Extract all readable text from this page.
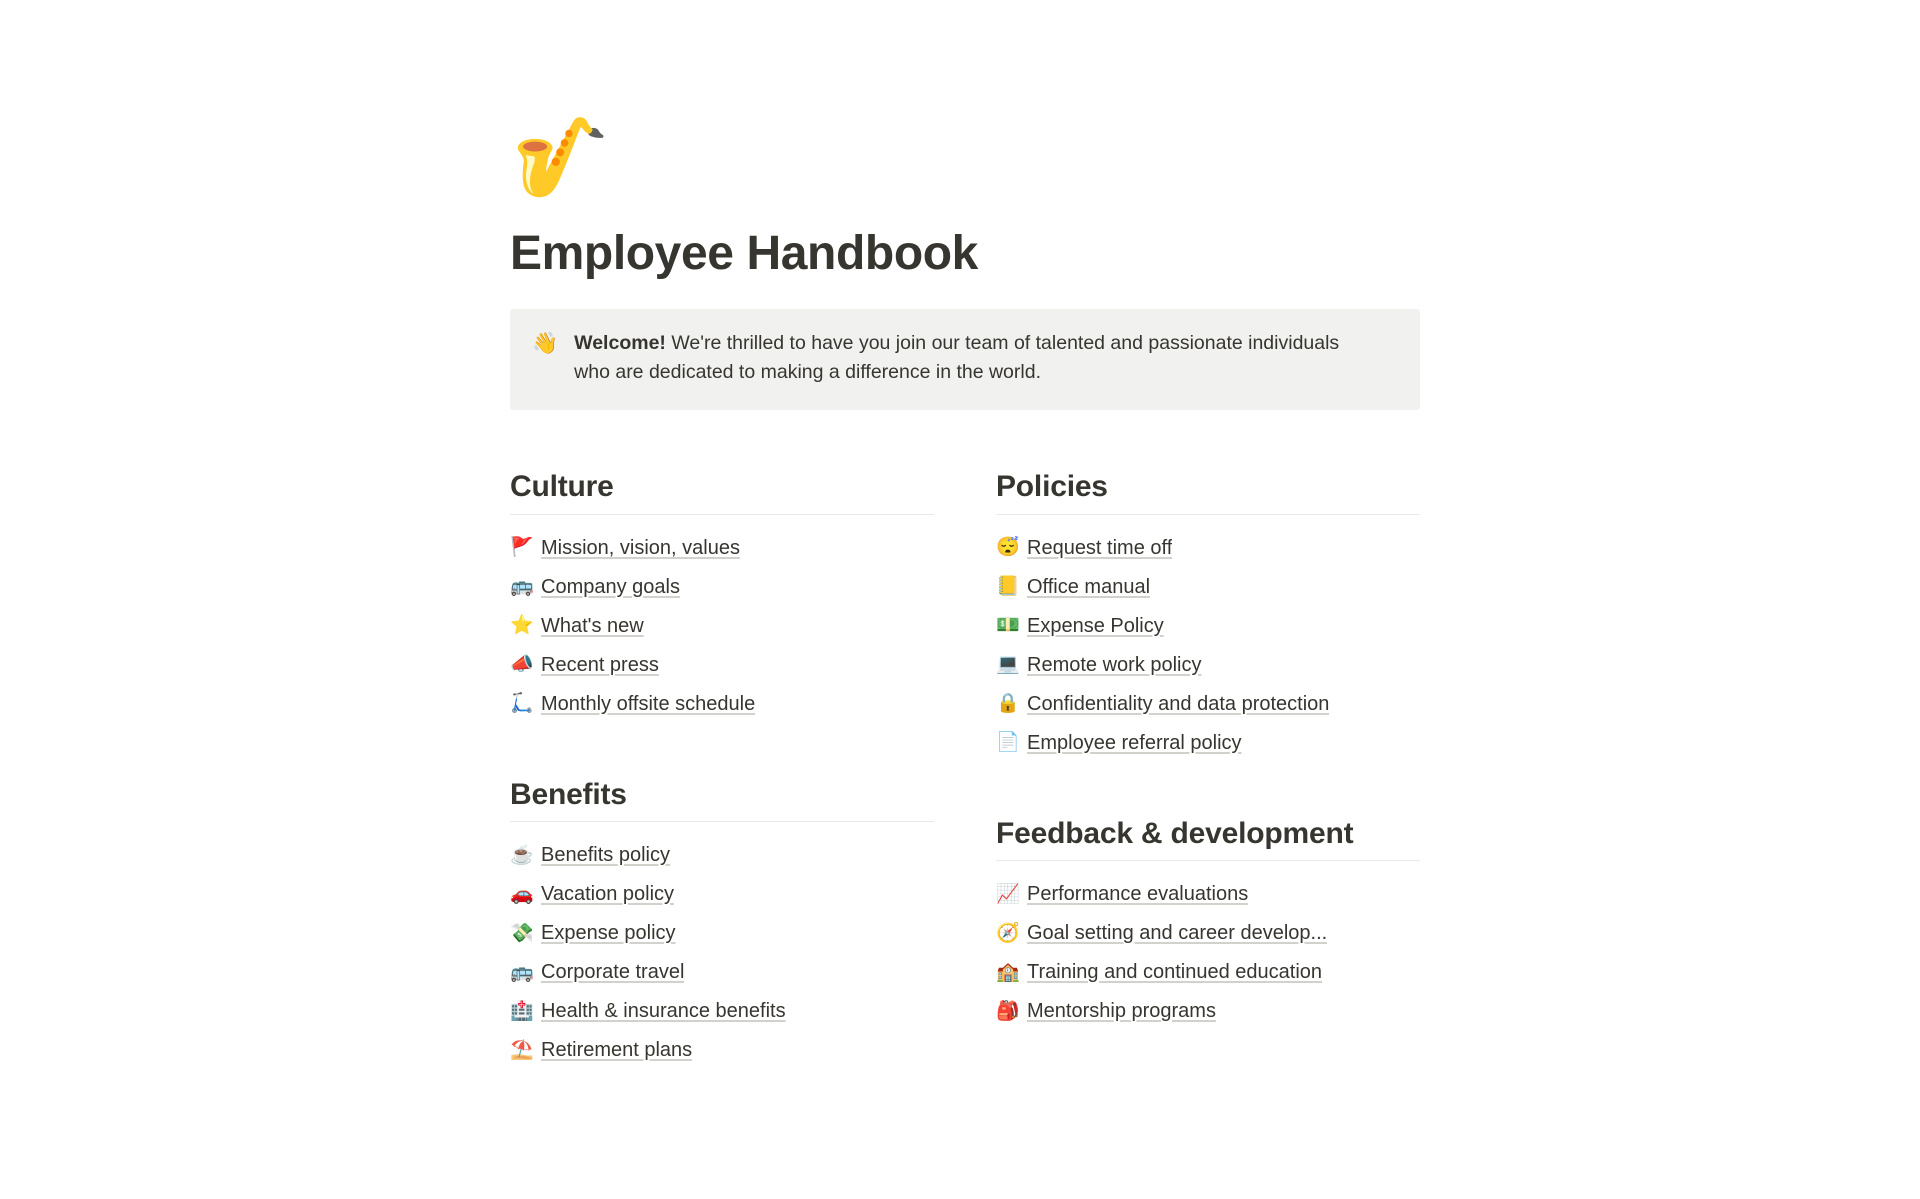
🎷
Employee Handbook
👋 Welcome! We're thrilled to have you join our team of talented and passionate individuals who are dedicated to making a difference in the world.
Culture
🚩 Mission, vision, values
🚌 Company goals
⭐ What's new
📣 Recent press
🛴 Monthly offsite schedule
Benefits
☕ Benefits policy
🚗 Vacation policy
💸 Expense policy
🚌 Corporate travel
🏥 Health & insurance benefits
⛱️ Retirement plans
Policies
😴 Request time off
📒 Office manual
💵 Expense Policy
💻 Remote work policy
🔒 Confidentiality and data protection
📄 Employee referral policy
Feedback & development
📈 Performance evaluations
🧭 Goal setting and career develop...
🏫 Training and continued education
🎒 Mentorship programs
